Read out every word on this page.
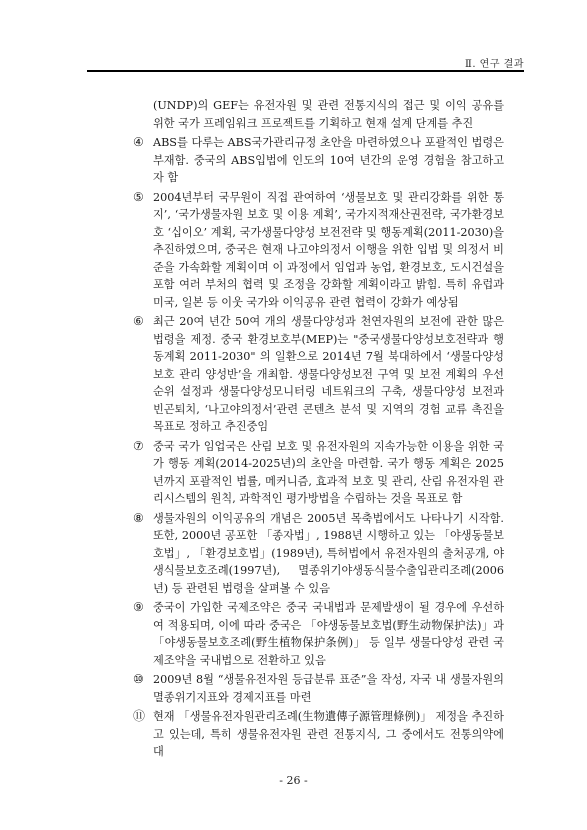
Ⅱ. 연구 결과
(UNDP)의 GEF는 유전자원 및 관련 전통지식의 접근 및 이익 공유를 위한 국가 프레임워크 프로젝트를 기획하고 현재 설계 단계를 추진
④ ABS를 다루는 ABS국가관리규정 초안을 마련하였으나 포괄적인 법령은 부재함. 중국의 ABS입법에 인도의 10여 년간의 운영 경험을 참고하고자 함
⑤ 2004년부터 국무원이 직접 관여하여 ‘생물보호 및 관리강화를 위한 통지’, ‘국가생물자원 보호 및 이용 계획’, 국가지적재산권전략, 국가환경보호 ‘십이오’ 계획, 국가생물다양성 보전전략 및 행동계획(2011-2030)을 추진하였으며, 중국은 현재 나고야의정서 이행을 위한 입법 및 의정서 비준을 가속화할 계획이며 이 과정에서 임업과 농업, 환경보호, 도시건설을 포함 여러 부처의 협력 및 조정을 강화할 계획이라고 밝힘. 특히 유럽과 미국, 일본 등 이웃 국가와 이익공유 관련 협력이 강화가 예상됨
⑥ 최근 20여 년간 50여 개의 생물다양성과 천연자원의 보전에 관한 많은 법령을 제정. 중국 환경보호부(MEP)는 "중국생물다양성보호전략과 행동계획 2011-2030" 의 일환으로 2014년 7월 북대하에서 ‘생물다양성보호 관리 양성반’을 개최함. 생물다양성보전 구역 및 보전 계획의 우선순위 설정과 생물다양성모니터링 네트워크의 구축, 생물다양성 보전과 빈곤퇴치, ‘나고야의정서’관련 콘텐츠 분석 및 지역의 경험 교류 촉진을 목표로 정하고 추진중임
⑦ 중국 국가 임업국은 산림 보호 및 유전자원의 지속가능한 이용을 위한 국가 행동 계획(2014-2025년)의 초안을 마련함. 국가 행동 계획은 2025년까지 포괄적인 법률, 메커니즘, 효과적 보호 및 관리, 산림 유전자원 관리시스템의 원칙, 과학적인 평가방법을 수립하는 것을 목표로 함
⑧ 생물자원의 이익공유의 개념은 2005년 목축법에서도 나타나기 시작함. 또한, 2000년 공포한 「종자법」, 1988년 시행하고 있는 「야생동물보호법」, 「환경보호법」(1989년), 특허법에서 유전자원의 출처공개, 야생식물보호조례(1997년), 멸종위기야생동식물수출입관리조례(2006년) 등 관련된 법령을 살펴볼 수 있음
⑨ 중국이 가입한 국제조약은 중국 국내법과 문제발생이 될 경우에 우선하여 적용되며, 이에 따라 중국은 「야생동물보호법(野生动物保护法)」과 「야생동물보호조례(野生植物保护条例)」 등 일부 생물다양성 관련 국제조약을 국내법으로 전환하고 있음
⑩ 2009년 8월 “생물유전자원 등급분류 표준”을 작성, 자국 내 생물자원의 멸종위기지표와 경제지표를 마련
⑪ 현재 「생물유전자원관리조례(生物遺傳子源管理條例)」 제정을 추진하고 있는데, 특히 생물유전자원 관련 전통지식, 그 중에서도 전통의약에 대
- 26 -
